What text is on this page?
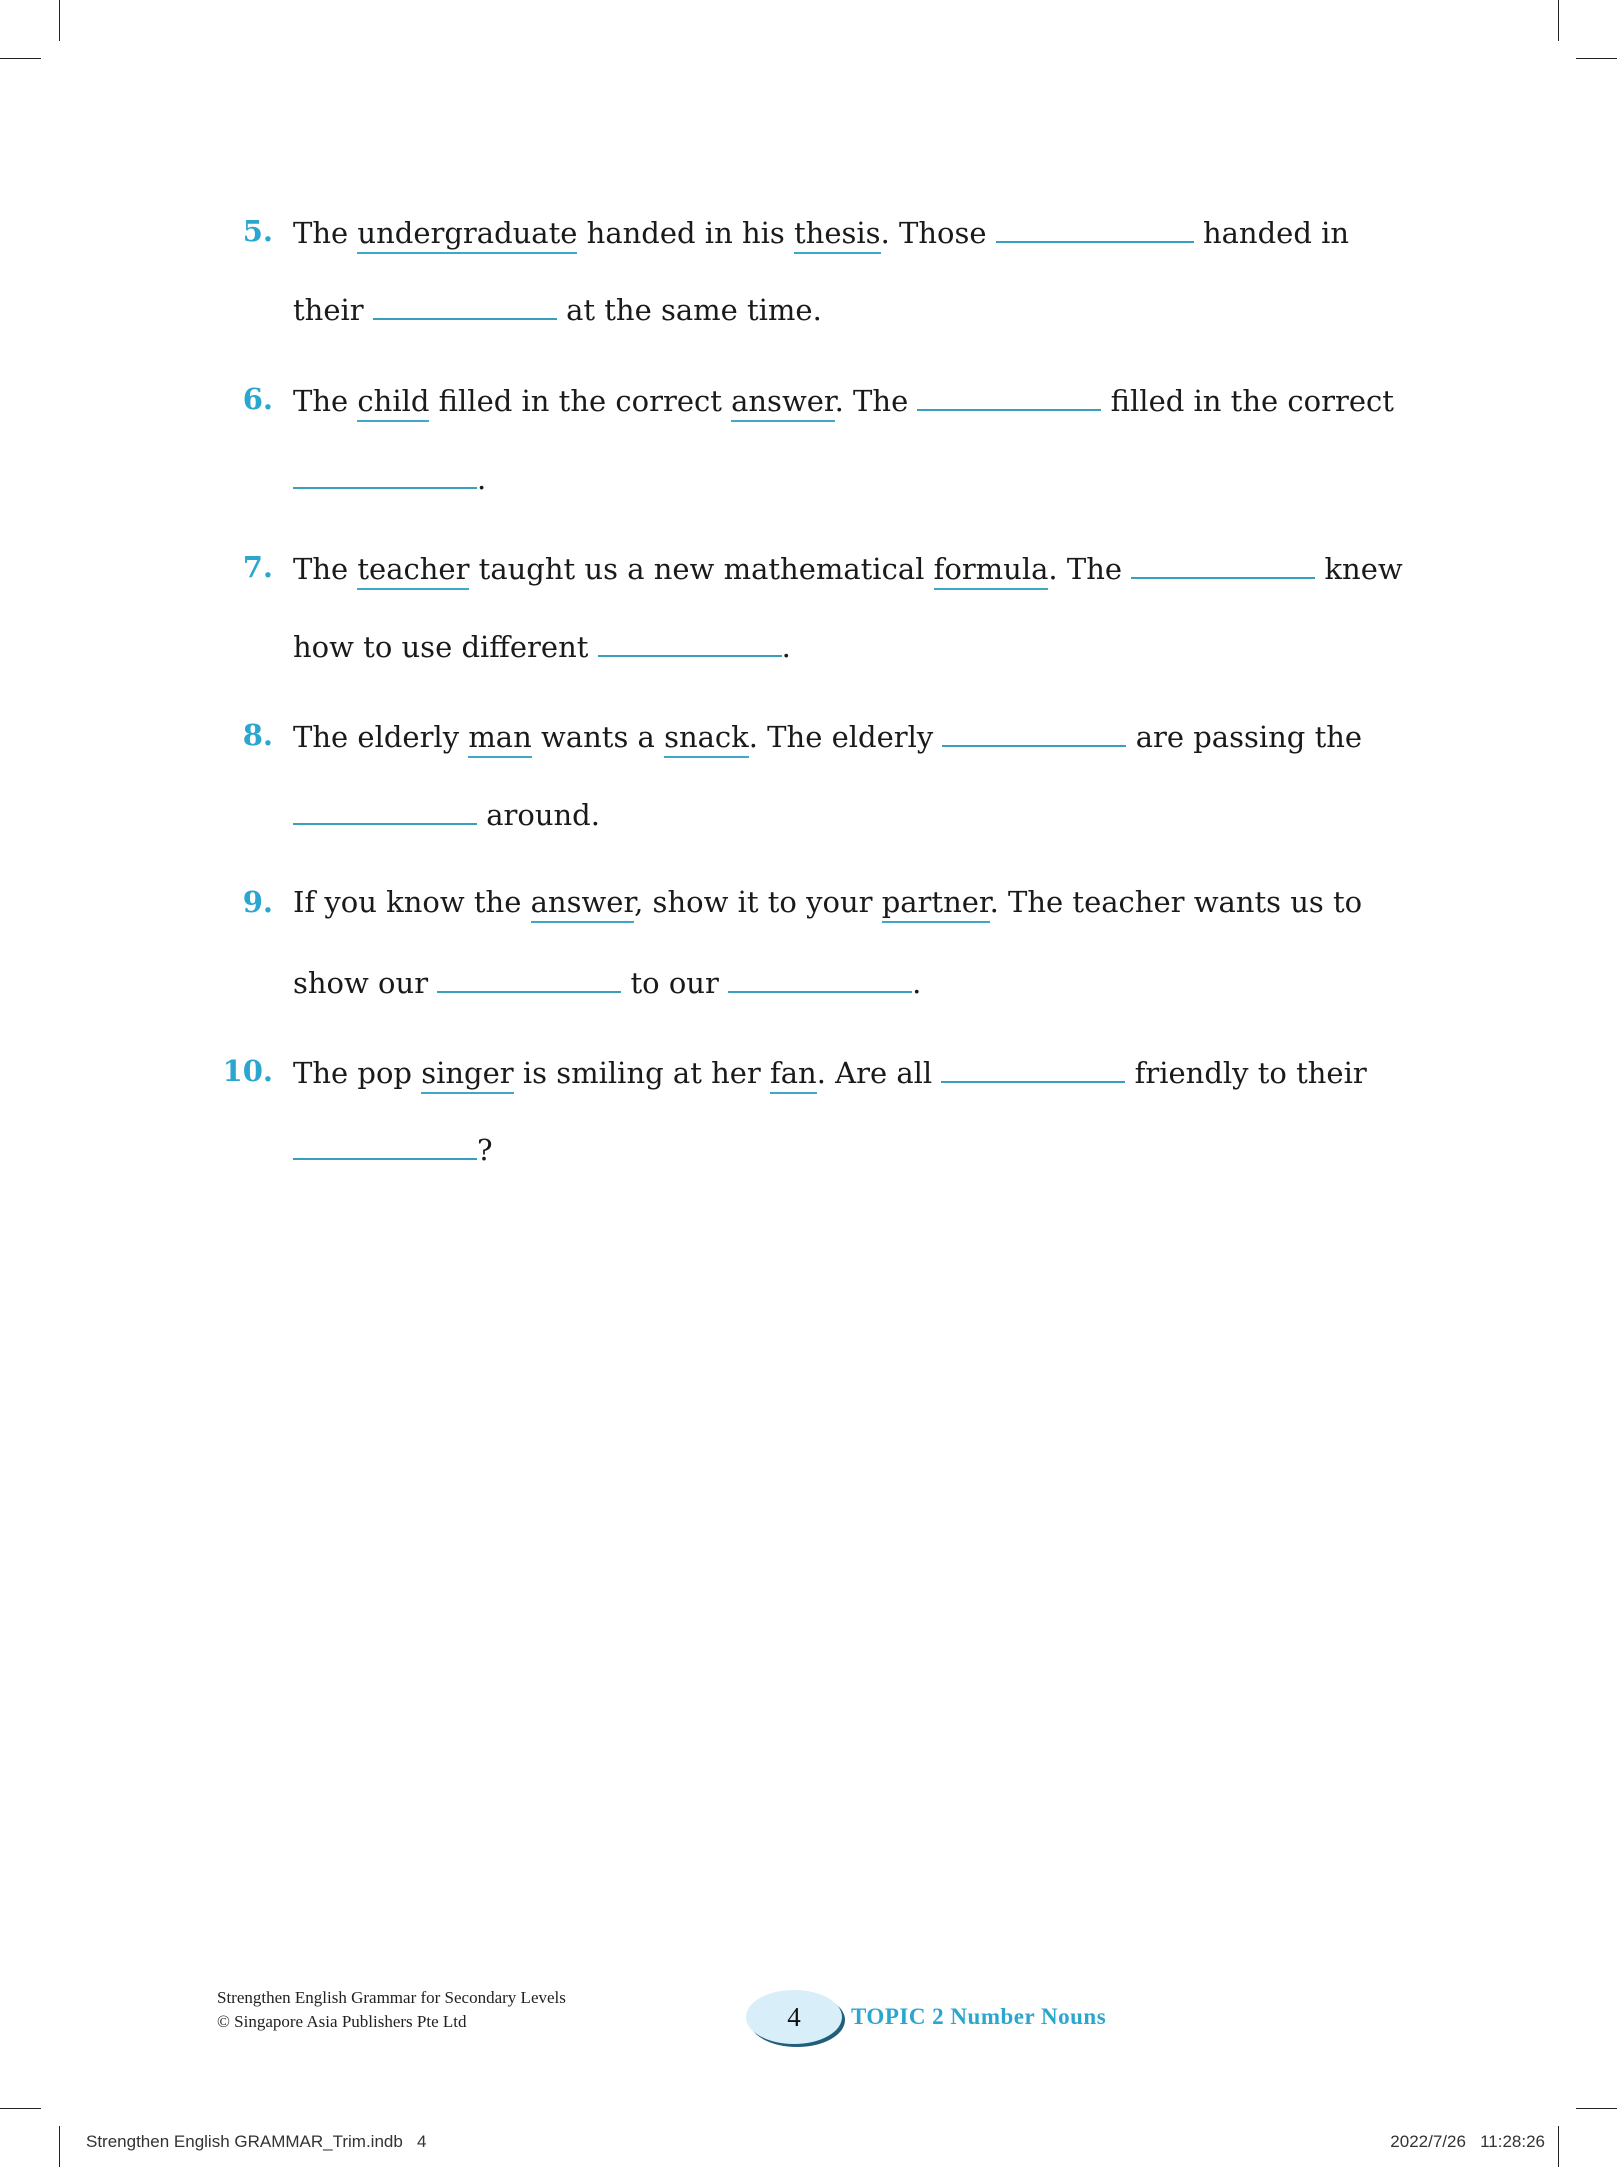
5. The undergraduate handed in his thesis. Those	handed in
their	at the same time.
6. The child filled in the correct answer. The	filled in the correct
.
7. The teacher taught us a new mathematical formula. The	knew
how to use different	.
8. The elderly man wants a snack. The elderly	are passing the
around.
9. If you know the answer, show it to your partner. The teacher wants us to
show our	to our	.
10. The pop singer is smiling at her fan. Are all	friendly to their
?
Strengthen English Grammar for Secondary Levels
© Singapore Asia Publishers Pte Ltd	4 TOPIC 2 Number Nouns
Strengthen English GRAMMAR_Trim.indb   4	2022/7/26   11:28:26
